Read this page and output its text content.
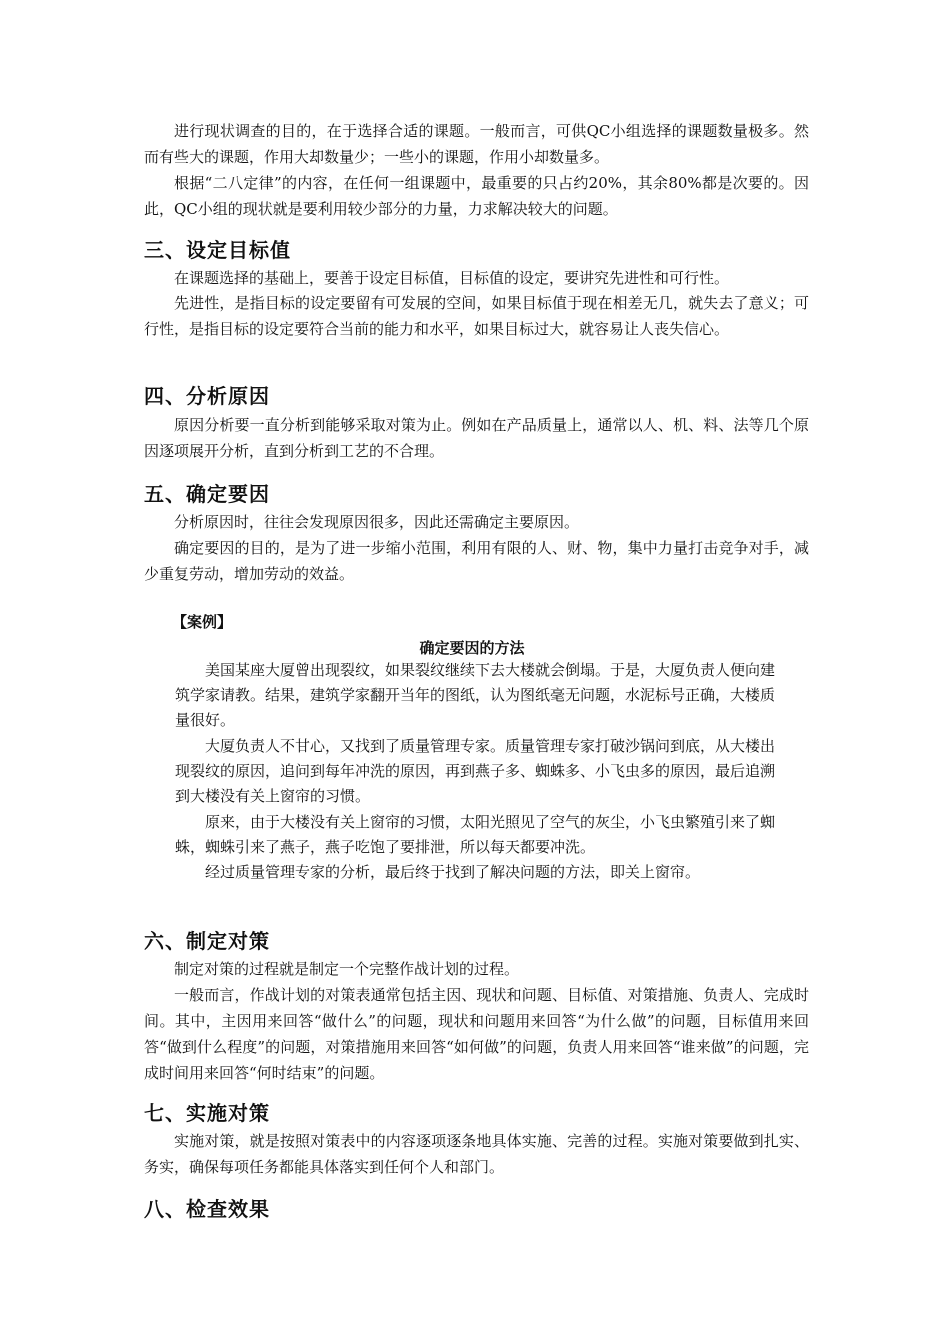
进行现状调查的目的，在于选择合适的课题。一般而言，可供QC小组选择的课题数量极多。然而有些大的课题，作用大却数量少；一些小的课题，作用小却数量多。

根据“二八定律”的内容，在任何一组课题中，最重要的只占约20%，其余80%都是次要的。因此，QC小组的现状就是要利用较少部分的力量，力求解决较大的问题。

三、设定目标值

在课题选择的基础上，要善于设定目标值，目标值的设定，要讲究先进性和可行性。

先进性，是指目标的设定要留有可发展的空间，如果目标值于现在相差无几，就失去了意义；可行性，是指目标的设定要符合当前的能力和水平，如果目标过大，就容易让人丧失信心。

四、分析原因

原因分析要一直分析到能够采取对策为止。例如在产品质量上，通常以人、机、料、法等几个原因逐项展开分析，直到分析到工艺的不合理。

五、确定要因

分析原因时，往往会发现原因很多，因此还需确定主要原因。

确定要因的目的，是为了进一步缩小范围，利用有限的人、财、物，集中力量打击竞争对手，减少重复劳动，增加劳动的效益。

【案例】

确定要因的方法

美国某座大厦曾出现裂纹，如果裂纹继续下去大楼就会倒塌。于是，大厦负责人便向建筑学家请教。结果，建筑学家翻开当年的图纸，认为图纸毫无问题，水泥标号正确，大楼质量很好。

大厦负责人不甘心，又找到了质量管理专家。质量管理专家打破沙锅问到底，从大楼出现裂纹的原因，追问到每年冲洗的原因，再到燕子多、蜘蛛多、小飞虫多的原因，最后追溯到大楼没有关上窗帘的习惯。

原来，由于大楼没有关上窗帘的习惯，太阳光照见了空气的灰尘，小飞虫繁殖引来了蜘蛛，蜘蛛引来了燕子，燕子吃饱了要排泄，所以每天都要冲洗。

经过质量管理专家的分析，最后终于找到了解决问题的方法，即关上窗帘。

六、制定对策

制定对策的过程就是制定一个完整作战计划的过程。

一般而言，作战计划的对策表通常包括主因、现状和问题、目标值、对策措施、负责人、完成时间。其中，主因用来回答“做什么”的问题，现状和问题用来回答“为什么做”的问题，目标值用来回答“做到什么程度”的问题，对策措施用来回答“如何做”的问题，负责人用来回答“谁来做”的问题，完成时间用来回答“何时结束”的问题。

七、实施对策

实施对策，就是按照对策表中的内容逐项逐条地具体实施、完善的过程。实施对策要做到扎实、务实，确保每项任务都能具体落实到任何个人和部门。

八、检查效果
